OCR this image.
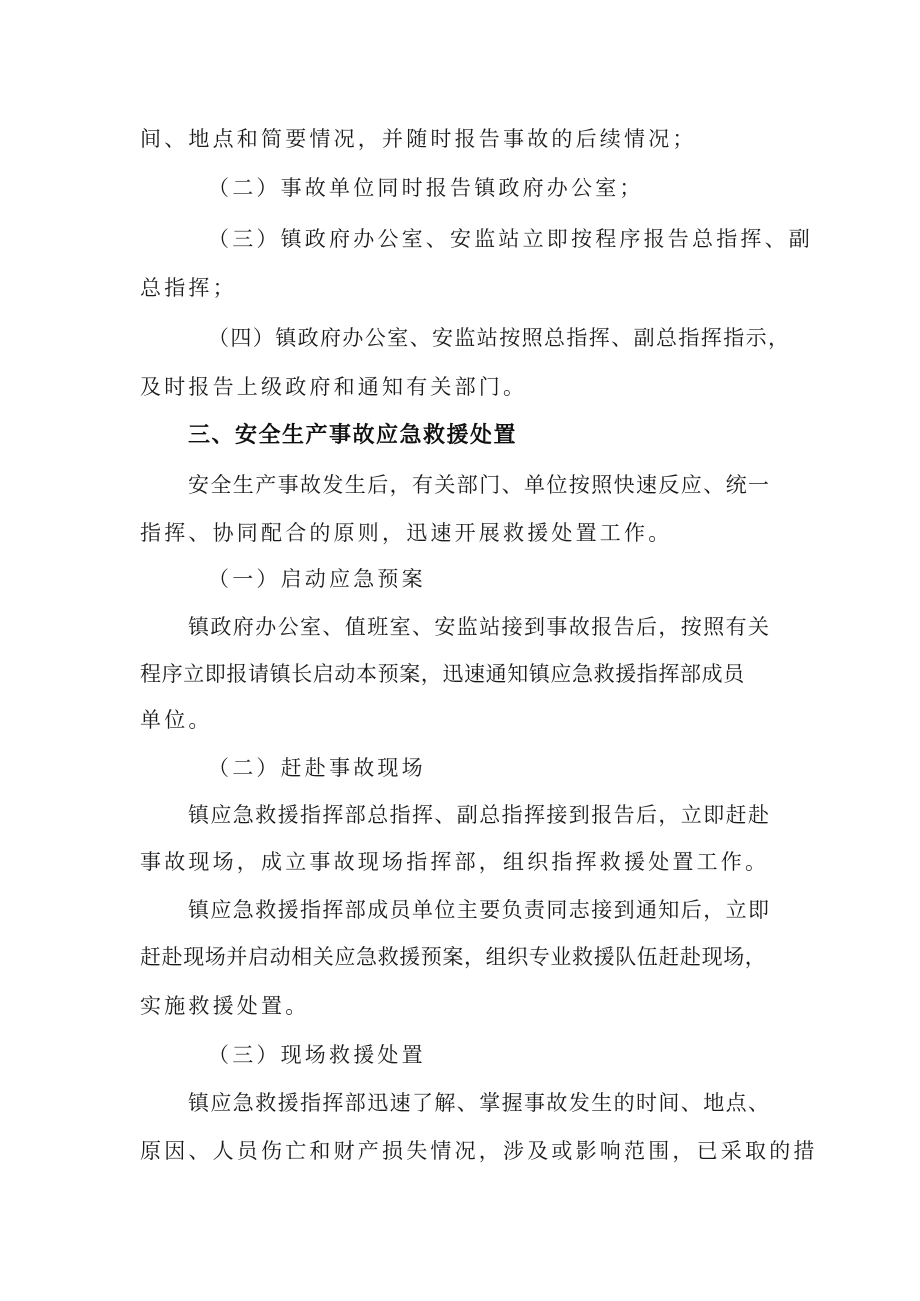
间、地点和简要情况，并随时报告事故的后续情况；
（二）事故单位同时报告镇政府办公室；
（三）镇政府办公室、安监站立即按程序报告总指挥、副
总指挥；
（四）镇政府办公室、安监站按照总指挥、副总指挥指示，
及时报告上级政府和通知有关部门。
三、安全生产事故应急救援处置
安全生产事故发生后，有关部门、单位按照快速反应、统一
指挥、协同配合的原则，迅速开展救援处置工作。
（一）启动应急预案
镇政府办公室、值班室、安监站接到事故报告后，按照有关
程序立即报请镇长启动本预案，迅速通知镇应急救援指挥部成员
单位。
（二）赶赴事故现场
镇应急救援指挥部总指挥、副总指挥接到报告后，立即赶赴
事故现场，成立事故现场指挥部，组织指挥救援处置工作。
镇应急救援指挥部成员单位主要负责同志接到通知后，立即
赶赴现场并启动相关应急救援预案，组织专业救援队伍赶赴现场，
实施救援处置。
（三）现场救援处置
镇应急救援指挥部迅速了解、掌握事故发生的时间、地点、
原因、人员伤亡和财产损失情况，涉及或影响范围，已采取的措
